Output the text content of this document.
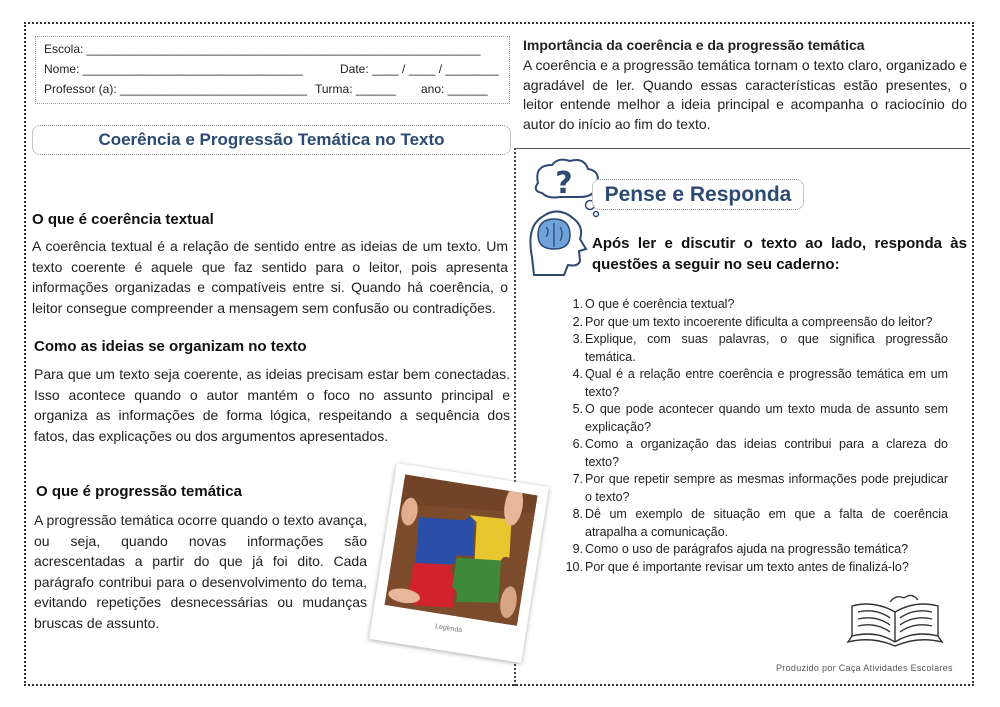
Escola: ___________________________________________________________
Nome: _________________________________	Date: ____ / ____ / ________
Professor (a): ____________________________ Turma: ______ ano: ______
Coerência e Progressão Temática no Texto
O que é coerência textual
A coerência textual é a relação de sentido entre as ideias de um texto. Um texto coerente é aquele que faz sentido para o leitor, pois apresenta informações organizadas e compatíveis entre si. Quando há coerência, o leitor consegue compreender a mensagem sem confusão ou contradições.
Como as ideias se organizam no texto
Para que um texto seja coerente, as ideias precisam estar bem conectadas. Isso acontece quando o autor mantém o foco no assunto principal e organiza as informações de forma lógica, respeitando a sequência dos fatos, das explicações ou dos argumentos apresentados.
O que é progressão temática
A progressão temática ocorre quando o texto avança, ou seja, quando novas informações são acrescentadas a partir do que já foi dito. Cada parágrafo contribui para o desenvolvimento do tema, evitando repetições desnecessárias ou mudanças bruscas de assunto.	Legenda
Importância da coerência e da progressão temática
A coerência e a progressão temática tornam o texto claro, organizado e agradável de ler. Quando essas características estão presentes, o leitor entende melhor a ideia principal e acompanha o raciocínio do autor do início ao fim do texto.
? Pense e Responda
Após ler e discutir o texto ao lado, responda às questões a seguir no seu caderno:
1. O que é coerência textual?
2. Por que um texto incoerente dificulta a compreensão do leitor?
3. Explique, com suas palavras, o que significa progressão temática.
4. Qual é a relação entre coerência e progressão temática em um texto?
5. O que pode acontecer quando um texto muda de assunto sem explicação?
6. Como a organização das ideias contribui para a clareza do texto?
7. Por que repetir sempre as mesmas informações pode prejudicar o texto?
8. Dê um exemplo de situação em que a falta de coerência atrapalha a comunicação.
9. Como o uso de parágrafos ajuda na progressão temática?
10. Por que é importante revisar um texto antes de finalizá-lo?
Produzido por Caça Atividades Escolares
